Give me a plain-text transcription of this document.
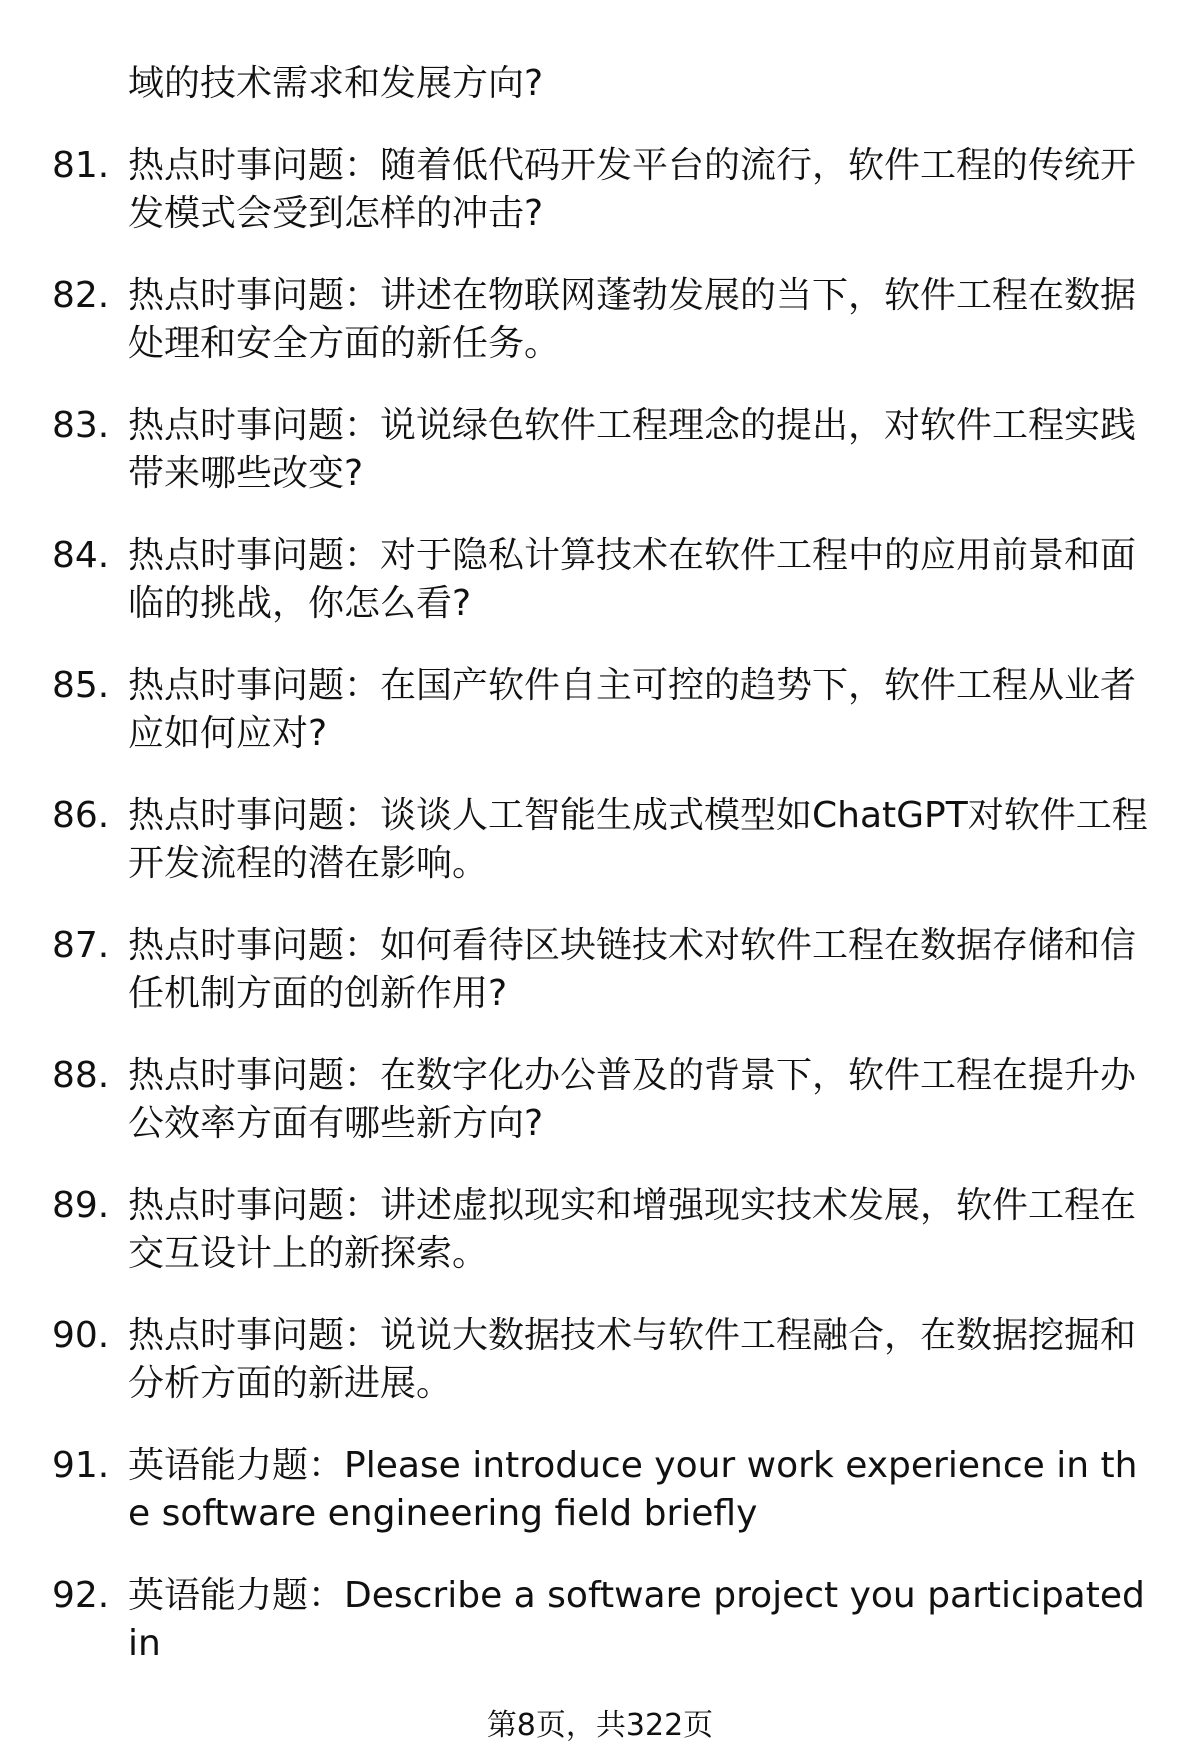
域的技术需求和发展方向?
81. 热点时事问题：随着低代码开发平台的流行，软件工程的传统开发模式会受到怎样的冲击?
82. 热点时事问题：讲述在物联网蓬勃发展的当下，软件工程在数据处理和安全方面的新任务。
83. 热点时事问题：说说绿色软件工程理念的提出，对软件工程实践带来哪些改变?
84. 热点时事问题：对于隐私计算技术在软件工程中的应用前景和面临的挑战，你怎么看?
85. 热点时事问题：在国产软件自主可控的趋势下，软件工程从业者应如何应对?
86. 热点时事问题：谈谈人工智能生成式模型如ChatGPT对软件工程开发流程的潜在影响。
87. 热点时事问题：如何看待区块链技术对软件工程在数据存储和信任机制方面的创新作用?
88. 热点时事问题：在数字化办公普及的背景下，软件工程在提升办公效率方面有哪些新方向?
89. 热点时事问题：讲述虚拟现实和增强现实技术发展，软件工程在交互设计上的新探索。
90. 热点时事问题：说说大数据技术与软件工程融合，在数据挖掘和分析方面的新进展。
91. 英语能力题：Please introduce your work experience in the software engineering field briefly
92. 英语能力题：Describe a software project you participated in
第8页，共322页
